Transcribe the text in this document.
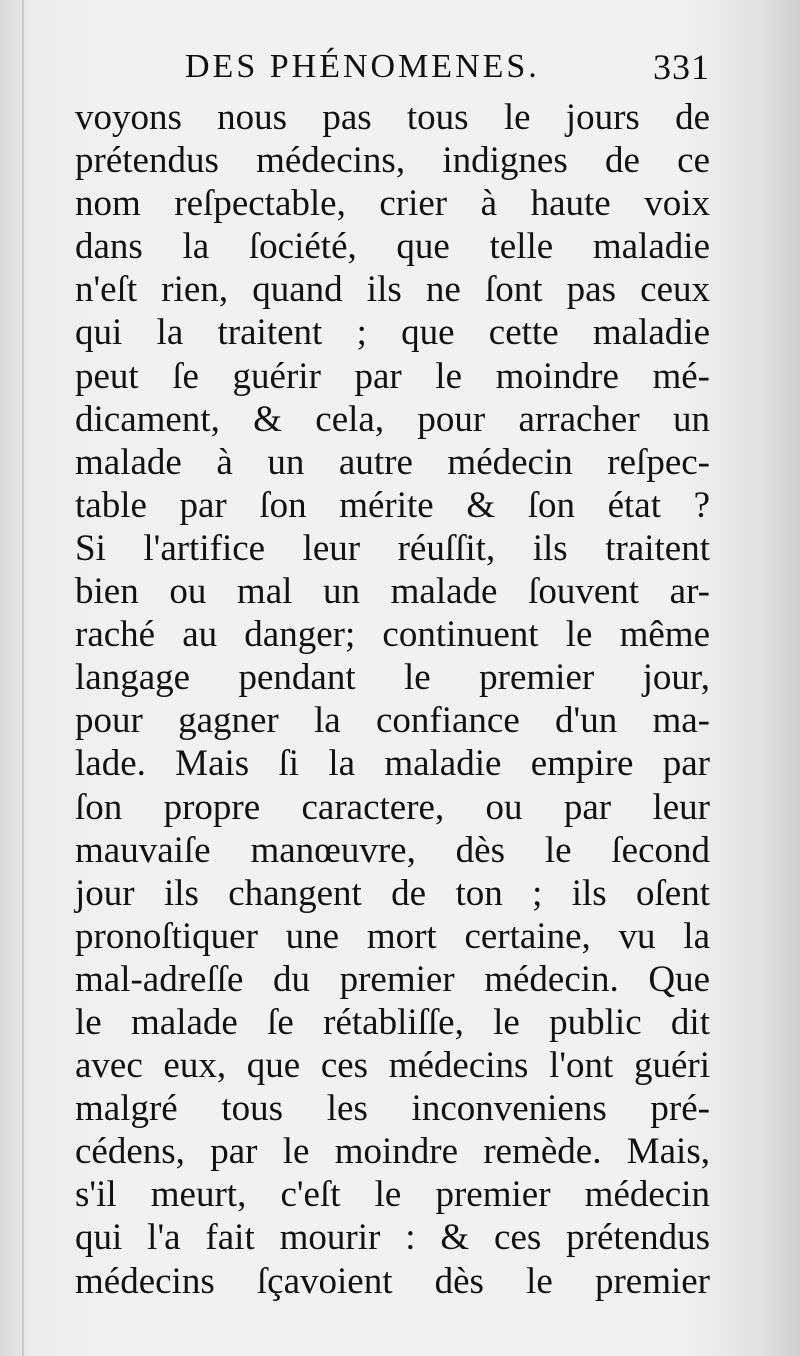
DES PHÉNOMENES.	331
voyons nous pas tous le jours de
prétendus médecins, indignes de ce
nom reſpectable, crier à haute voix
dans la ſociété, que telle maladie
n'eſt rien, quand ils ne ſont pas ceux
qui la traitent ; que cette maladie
peut ſe guérir par le moindre mé-
dicament, & cela, pour arracher un
malade à un autre médecin reſpec-
table par ſon mérite & ſon état ?
Si l'artifice leur réuſſit, ils traitent
bien ou mal un malade ſouvent ar-
raché au danger; continuent le même
langage pendant le premier jour,
pour gagner la confiance d'un ma-
lade. Mais ſi la maladie empire par
ſon propre caractere, ou par leur
mauvaiſe manœuvre, dès le ſecond
jour ils changent de ton ; ils oſent
pronoſtiquer une mort certaine, vu la
mal-adreſſe du premier médecin. Que
le malade ſe rétabliſſe, le public dit
avec eux, que ces médecins l'ont guéri
malgré tous les inconveniens pré-
cédens, par le moindre remède. Mais,
s'il meurt, c'eſt le premier médecin
qui l'a fait mourir : & ces prétendus
médecins ſçavoient dès le premier
